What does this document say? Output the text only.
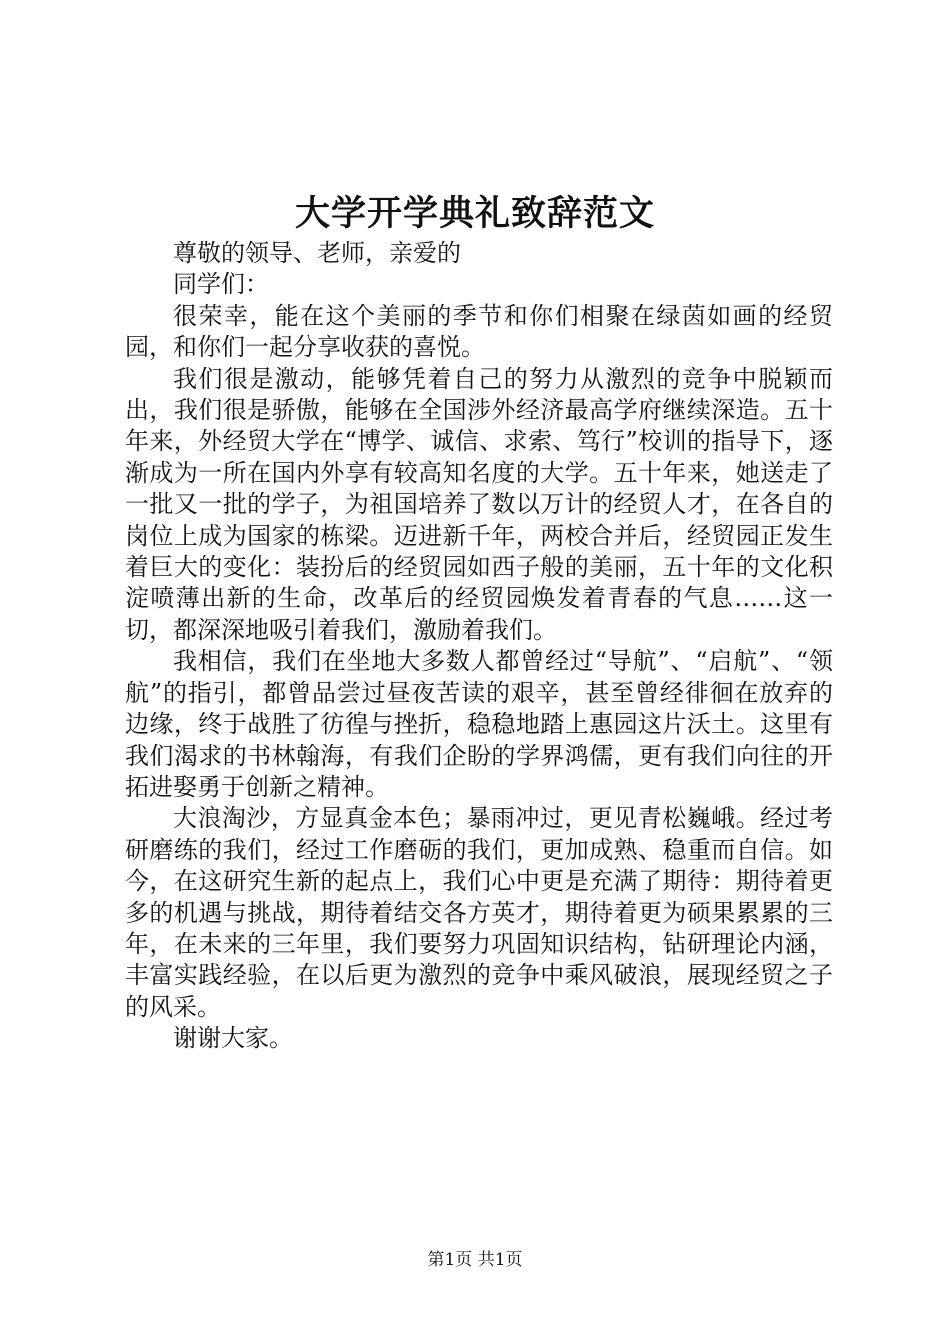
大学开学典礼致辞范文

尊敬的领导、老师，亲爱的

同学们：

很荣幸，能在这个美丽的季节和你们相聚在绿茵如画的经贸园，和你们一起分享收获的喜悦。

我们很是激动，能够凭着自己的努力从激烈的竞争中脱颖而出，我们很是骄傲，能够在全国涉外经济最高学府继续深造。五十年来，外经贸大学在“博学、诚信、求索、笃行”校训的指导下，逐渐成为一所在国内外享有较高知名度的大学。五十年来，她送走了一批又一批的学子，为祖国培养了数以万计的经贸人才，在各自的岗位上成为国家的栋梁。迈进新千年，两校合并后，经贸园正发生着巨大的变化：装扮后的经贸园如西子般的美丽，五十年的文化积淀喷薄出新的生命，改革后的经贸园焕发着青春的气息……这一切，都深深地吸引着我们，激励着我们。

我相信，我们在坐地大多数人都曾经过“导航”、“启航”、“领航”的指引，都曾品尝过昼夜苦读的艰辛，甚至曾经徘徊在放弃的边缘，终于战胜了彷徨与挫折，稳稳地踏上惠园这片沃土。这里有我们渴求的书林翰海，有我们企盼的学界鸿儒，更有我们向往的开拓进娶勇于创新之精神。

大浪淘沙，方显真金本色；暴雨冲过，更见青松巍峨。经过考研磨练的我们，经过工作磨砺的我们，更加成熟、稳重而自信。如今，在这研究生新的起点上，我们心中更是充满了期待：期待着更多的机遇与挑战，期待着结交各方英才，期待着更为硕果累累的三年，在未来的三年里，我们要努力巩固知识结构，钻研理论内涵，丰富实践经验，在以后更为激烈的竞争中乘风破浪，展现经贸之子的风采。

谢谢大家。

第1页 共1页
